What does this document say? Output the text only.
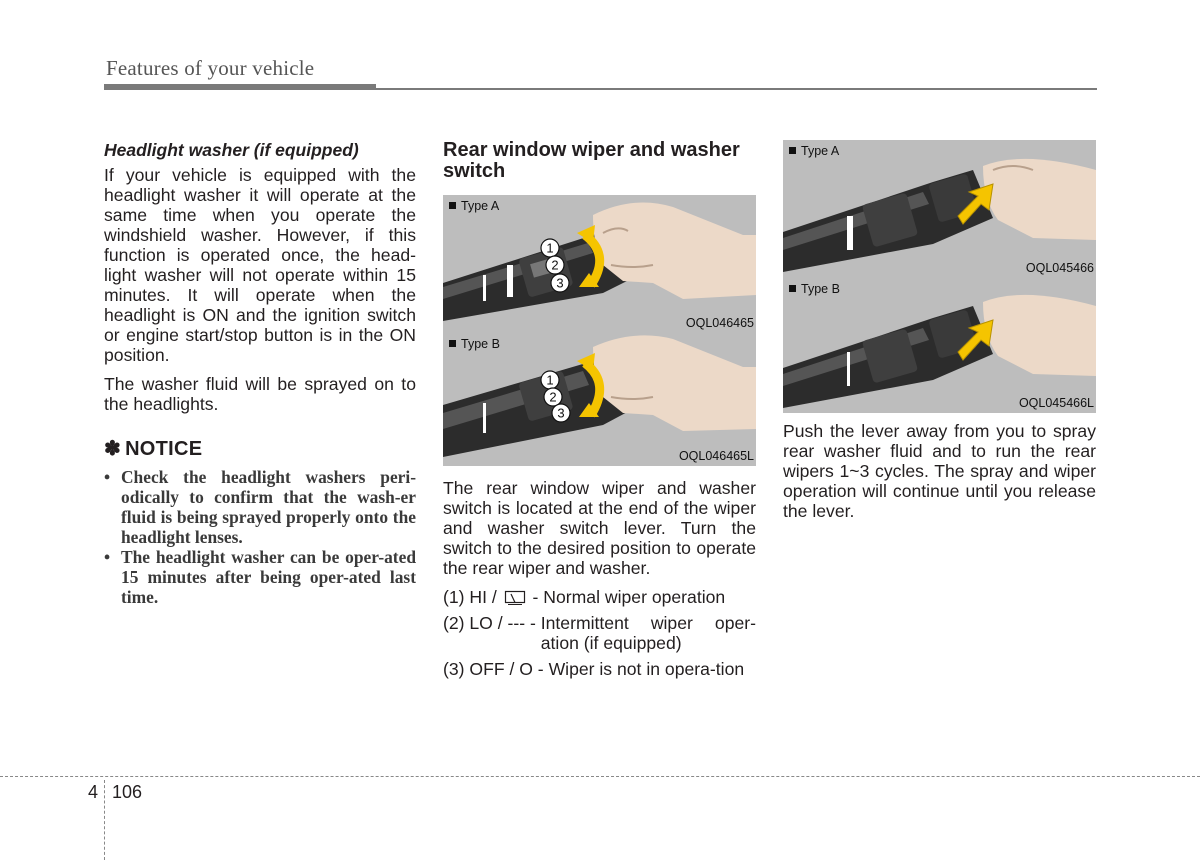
Features of your vehicle
Headlight washer (if equipped)

If your vehicle is equipped with the headlight washer it will operate at the same time when you operate the windshield washer. However, if this function is operated once, the head-light washer will not operate within 15 minutes. It will operate when the headlight is ON and the ignition switch or engine start/stop button is in the ON position.

The washer fluid will be sprayed on to the headlights.

✽ NOTICE
• Check the headlight washers peri-odically to confirm that the wash-er fluid is being sprayed properly onto the headlight lenses.
• The headlight washer can be oper-ated 15 minutes after being oper-ated last time.
Rear window wiper and washer switch
1
2
3
Type A
OQL046465
1
2
3
Type B
OQL046465L

The rear window wiper and washer switch is located at the end of the wiper and washer switch lever. Turn the switch to the desired position to operate the rear wiper and washer.

(1) HI / - Normal wiper operation
(2) LO / --- -
Intermittent wiper oper-ation (if equipped)
(3) OFF / O -
Wiper is not in opera-tion
Type A
OQL045466
Type B
OQL045466L

Push the lever away from you to spray rear washer fluid and to run the rear wipers 1~3 cycles. The spray and wiper operation will continue until you release the lever.

4 106
